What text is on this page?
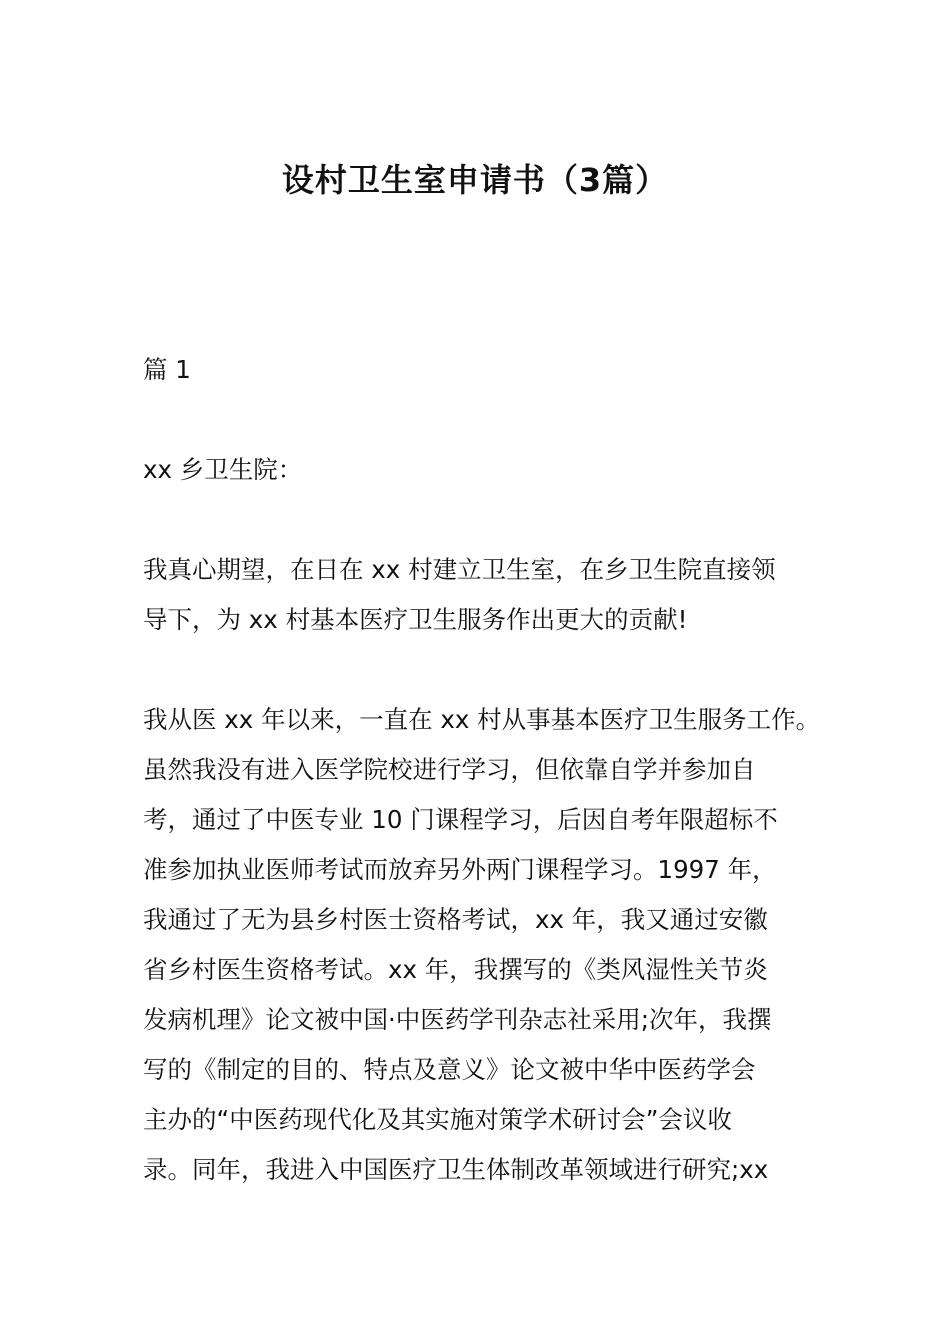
设村卫生室申请书（3篇）
篇 1
xx 乡卫生院：
我真心期望，在日在 xx 村建立卫生室，在乡卫生院直接领
导下，为 xx 村基本医疗卫生服务作出更大的贡献!
我从医 xx 年以来，一直在 xx 村从事基本医疗卫生服务工作。
虽然我没有进入医学院校进行学习，但依靠自学并参加自
考，通过了中医专业 10 门课程学习，后因自考年限超标不
准参加执业医师考试而放弃另外两门课程学习。1997 年，
我通过了无为县乡村医士资格考试，xx 年，我又通过安徽
省乡村医生资格考试。xx 年，我撰写的《类风湿性关节炎
发病机理》论文被中国·中医药学刊杂志社采用;次年，我撰
写的《制定的目的、特点及意义》论文被中华中医药学会
主办的“中医药现代化及其实施对策学术研讨会”会议收
录。同年，我进入中国医疗卫生体制改革领域进行研究;xx
